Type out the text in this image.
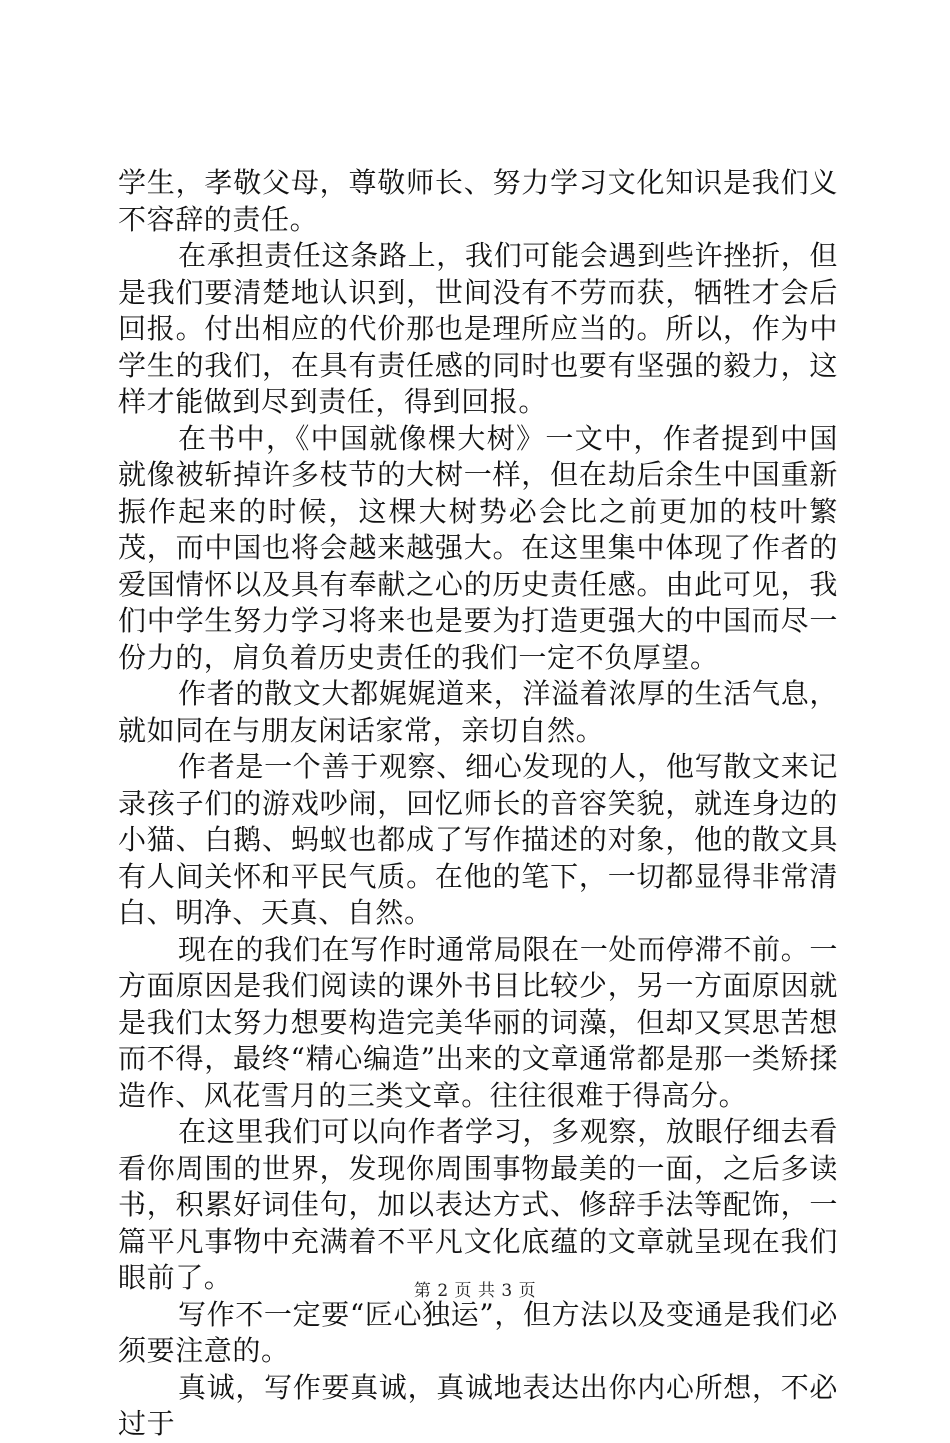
学生，孝敬父母，尊敬师长、努力学习文化知识是我们义不容辞的责任。

在承担责任这条路上，我们可能会遇到些许挫折，但是我们要清楚地认识到，世间没有不劳而获，牺牲才会后回报。付出相应的代价那也是理所应当的。所以，作为中学生的我们，在具有责任感的同时也要有坚强的毅力，这样才能做到尽到责任，得到回报。

在书中，《中国就像棵大树》一文中，作者提到中国就像被斩掉许多枝节的大树一样，但在劫后余生中国重新振作起来的时候，这棵大树势必会比之前更加的枝叶繁茂，而中国也将会越来越强大。在这里集中体现了作者的爱国情怀以及具有奉献之心的历史责任感。由此可见，我们中学生努力学习将来也是要为打造更强大的中国而尽一份力的，肩负着历史责任的我们一定不负厚望。

作者的散文大都娓娓道来，洋溢着浓厚的生活气息，就如同在与朋友闲话家常，亲切自然。

作者是一个善于观察、细心发现的人，他写散文来记录孩子们的游戏吵闹，回忆师长的音容笑貌，就连身边的小猫、白鹅、蚂蚁也都成了写作描述的对象，他的散文具有人间关怀和平民气质。在他的笔下，一切都显得非常清白、明净、天真、自然。

现在的我们在写作时通常局限在一处而停滞不前。一方面原因是我们阅读的课外书目比较少，另一方面原因就是我们太努力想要构造完美华丽的词藻，但却又冥思苦想而不得，最终“精心编造”出来的文章通常都是那一类矫揉造作、风花雪月的三类文章。往往很难于得高分。

在这里我们可以向作者学习，多观察，放眼仔细去看看你周围的世界，发现你周围事物最美的一面，之后多读书，积累好词佳句，加以表达方式、修辞手法等配饰，一篇平凡事物中充满着不平凡文化底蕴的文章就呈现在我们眼前了。

写作不一定要“匠心独运”，但方法以及变通是我们必须要注意的。

真诚，写作要真诚，真诚地表达出你内心所想，不必过于

第 2 页 共 3 页
